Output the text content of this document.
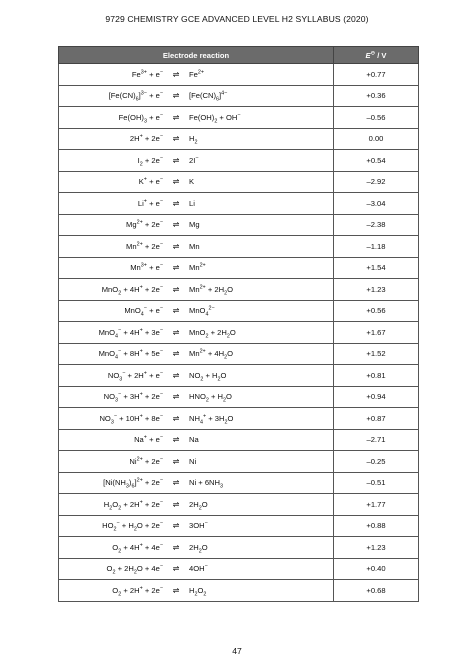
9729 CHEMISTRY GCE ADVANCED LEVEL H2 SYLLABUS (2020)
Electrode reaction	E⊖ / V

$Fe^{3+} + e^-$ ⇌ $Fe^{2+}$	+0.77

$[Fe(CN)_6]^{3-} + e^-$ ⇌ $[Fe(CN)_6]^{4-}$	+0.36

$Fe(OH)_3 + e^-$ ⇌ $Fe(OH)_2 + OH^-$	–0.56

2H+ + 2e− ⇌ $H_2$	0.00

$I_2 + 2e^-$ ⇌ 2I−	+0.54

K+ + e− ⇌ K	–2.92

Li+ + e− ⇌ Li	–3.04

$Mg^{2+} + 2e^-$ ⇌ Mg	–2.38

$Mn^{2+} + 2e^-$ ⇌ Mn	–1.18

$Mn^{3+} + e^-$ ⇌ $Mn^{2+}$	+1.54

MnO$_2$ + 4H+ + 2e− ⇌ $Mn^{2+} + 2H_2O$	+1.23

MnO$_4$− + e− ⇌ MnO$_4^{2-}$	+0.56

MnO$_4$− + 4H+ + 3e− ⇌ $MnO_2 + 2H_2O$	+1.67

MnO$_4$− + 8H+ + 5e− ⇌ $Mn^{2+} + 4H_2O$	+1.52

$NO_3^- + 2H^+ + e^-$ ⇌ $NO_2 + H_2O$	+0.81

$NO_3^- + 3H^+ + 2e^-$ ⇌ $HNO_2 + H_2O$	+0.94

$NO_3^- + 10H^+ + 8e^-$ ⇌ $NH_4^+ + 3H_2O$	+0.87

Na+ + e− ⇌ Na	–2.71

$Ni^{2+} + 2e^-$ ⇌ Ni	–0.25

$[Ni(NH_3)_6]^{2+} + 2e^-$ ⇌ $Ni + 6NH_3$	–0.51

$H_2O_2 + 2H^+ + 2e^-$ ⇌ $2H_2O$	+1.77

$HO_2^- + H_2O + 2e^-$ ⇌ 3OH−	+0.88

$O_2 + 4H^+ + 4e^-$ ⇌ $2H_2O$	+1.23

$O_2 + 2H_2O + 4e^-$ ⇌ 4OH−	+0.40

$O_2 + 2H^+ + 2e^-$ ⇌ $H_2O_2$	+0.68
47
